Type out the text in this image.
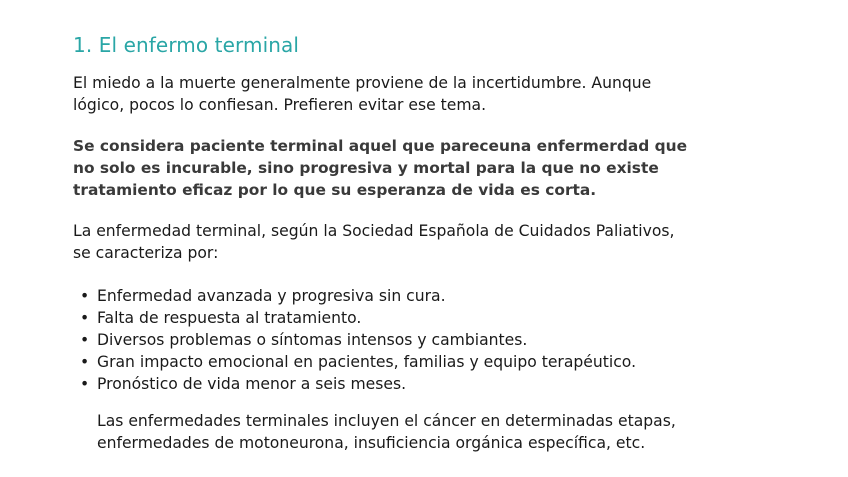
1. El enfermo terminal
El miedo a la muerte generalmente proviene de la incertidumbre. Aunque
lógico, pocos lo confiesan. Prefieren evitar ese tema.
Se considera paciente terminal aquel que pareceuna enfermerdad que
no solo es incurable, sino progresiva y mortal para la que no existe
tratamiento eficaz por lo que su esperanza de vida es corta.
La enfermedad terminal, según la Sociedad Española de Cuidados Paliativos,
se caracteriza por:
• Enfermedad avanzada y progresiva sin cura.
• Falta de respuesta al tratamiento.
• Diversos problemas o síntomas intensos y cambiantes.
• Gran impacto emocional en pacientes, familias y equipo terapéutico.
• Pronóstico de vida menor a seis meses.
Las enfermedades terminales incluyen el cáncer en determinadas etapas,
enfermedades de motoneurona, insuficiencia orgánica específica, etc.
